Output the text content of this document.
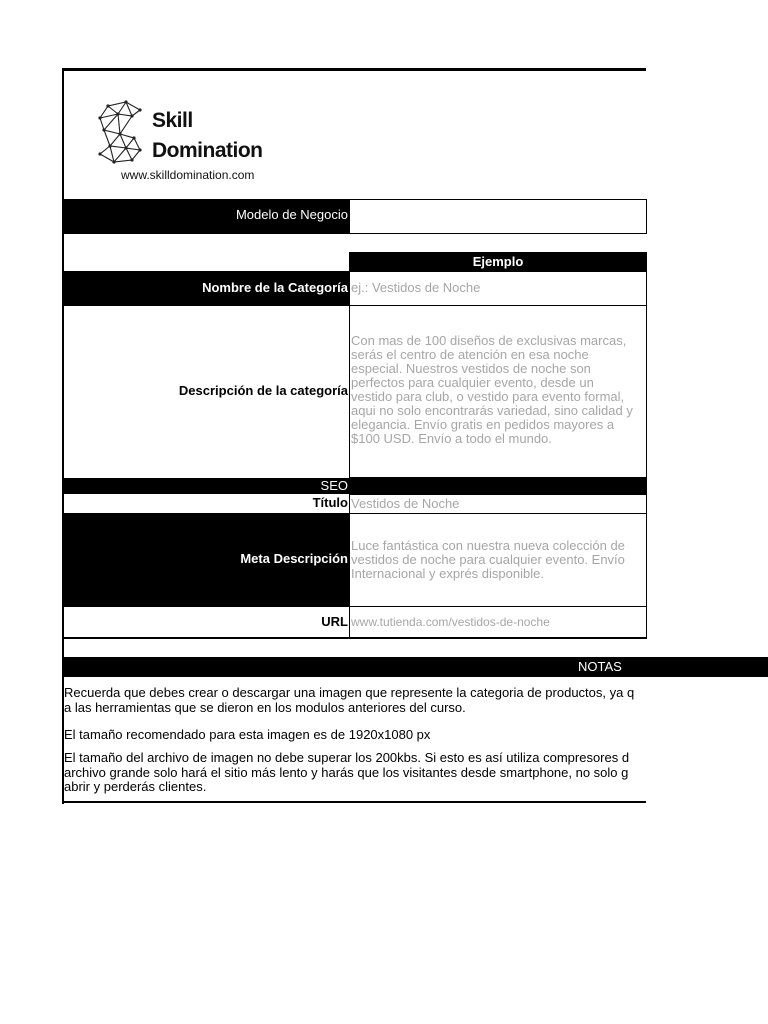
Skill
Domination
www.skilldomination.com
Modelo de Negocio
Ejemplo
Nombre de la Categoría ej.: Vestidos de Noche
Descripción de la categoría
Con mas de 100 diseños de exclusivas marcas,
serás el centro de atención en esa noche
especial. Nuestros vestidos de noche son
perfectos para cualquier evento, desde un
vestido para club, o vestido para evento formal,
aqui no solo encontrarás variedad, sino calidad y
elegancia. Envío gratis en pedidos mayores a
$100 USD. Envío a todo el mundo.
SEO
Título Vestidos de Noche
Meta Descripción
Luce fantástica con nuestra nueva colección de
vestidos de noche para cualquier evento. Envío
Internacional y exprés disponible.
URL www.tutienda.com/vestidos-de-noche
NOTAS
Recuerda que debes crear o descargar una imagen que represente la categoria de productos, ya q
a las herramientas que se dieron en los modulos anteriores del curso.
El tamaño recomendado para esta imagen es de 1920x1080 px
El tamaño del archivo de imagen no debe superar los 200kbs. Si esto es así utiliza compresores d
archivo grande solo hará el sitio más lento y harás que los visitantes desde smartphone, no solo g
abrir y perderás clientes.
